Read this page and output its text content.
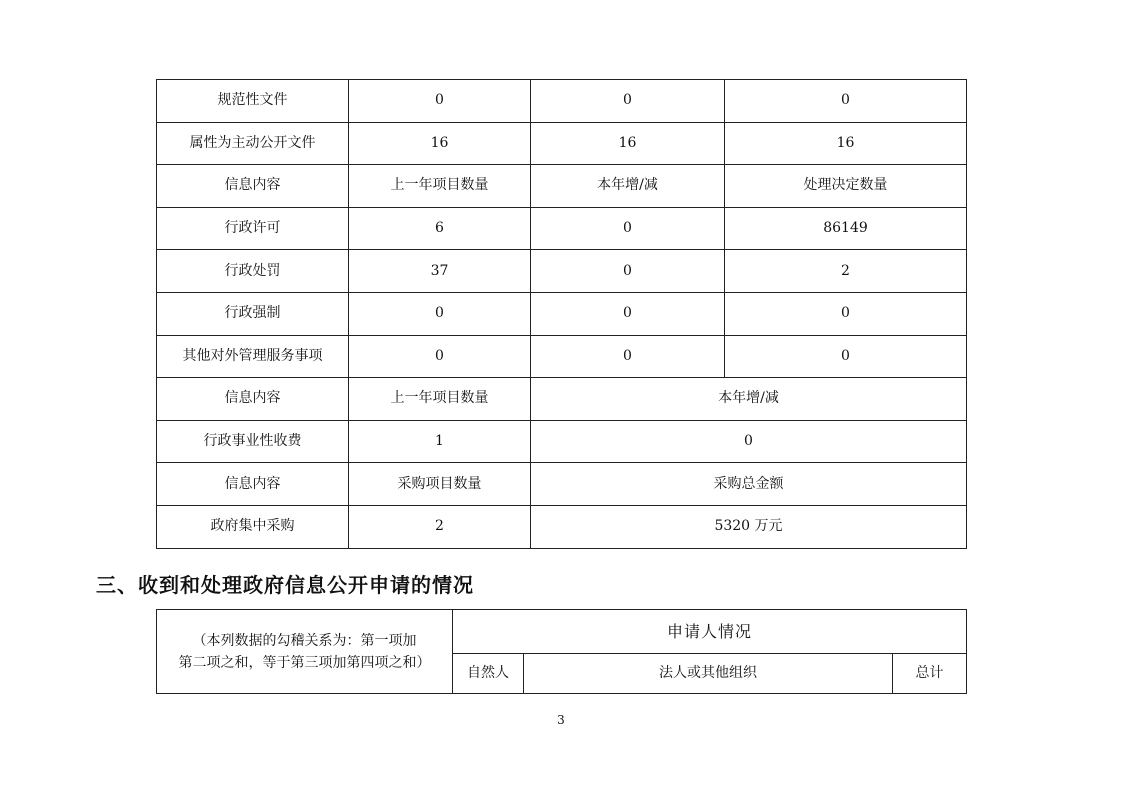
规范性文件	0	0	0
属性为主动公开文件	16	16	16
信息内容	上一年项目数量	本年增/减	处理决定数量
行政许可	6	0	86149
行政处罚	37	0	2
行政强制	0	0	0
其他对外管理服务事项	0	0	0
信息内容	上一年项目数量	本年增/减	
行政事业性收费	1	0	
信息内容	采购项目数量	采购总金额	
政府集中采购	2	5320 万元	
三、收到和处理政府信息公开申请的情况
（本列数据的勾稽关系为：第一项加
第二项之和，等于第三项加第四项之和）	申请人情况		
	自然人	法人或其他组织	总计
3
